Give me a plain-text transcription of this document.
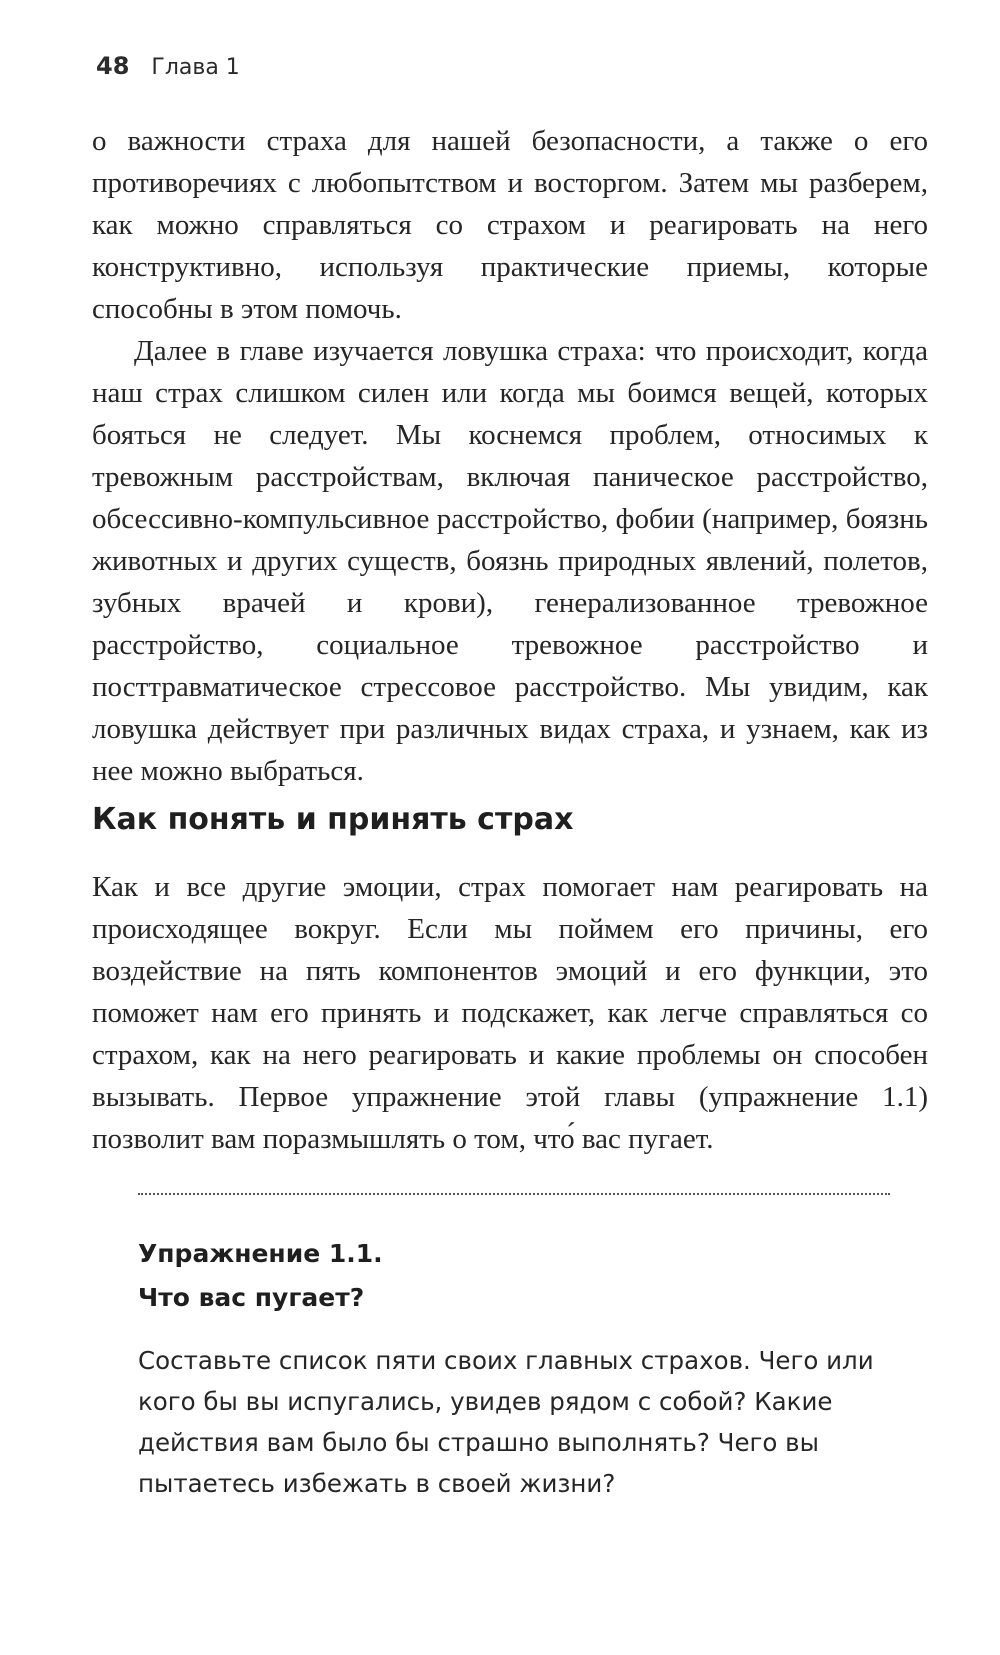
48 Глава 1

о важности страха для нашей безопасности, а также о его противоречиях с любопытством и восторгом. Затем мы разберем, как можно справляться со страхом и реагировать на него конструктивно, используя практические приемы, которые способны в этом помочь.

Далее в главе изучается ловушка страха: что происходит, когда наш страх слишком силен или когда мы боимся вещей, которых бояться не следует. Мы коснемся проблем, относимых к тревожным расстройствам, включая паническое расстройство, обсессивно-компульсивное расстройство, фобии (например, боязнь животных и других существ, боязнь природных явлений, полетов, зубных врачей и крови), генерализованное тревожное расстройство, социальное тревожное расстройство и посттравматическое стрессовое расстройство. Мы увидим, как ловушка действует при различных видах страха, и узнаем, как из нее можно выбраться.

Как понять и принять страх

Как и все другие эмоции, страх помогает нам реагировать на происходящее вокруг. Если мы поймем его причины, его воздействие на пять компонентов эмоций и его функции, это поможет нам его принять и подскажет, как легче справляться со страхом, как на него реагировать и какие проблемы он способен вызывать. Первое упражнение этой главы (упражнение 1.1) позволит вам поразмышлять о том, что́ вас пугает.

Упражнение 1.1.
Что вас пугает?

Составьте список пяти своих главных страхов. Чего или кого бы вы испугались, увидев рядом с собой? Какие действия вам было бы страшно выполнять? Чего вы пытаетесь избежать в своей жизни?
